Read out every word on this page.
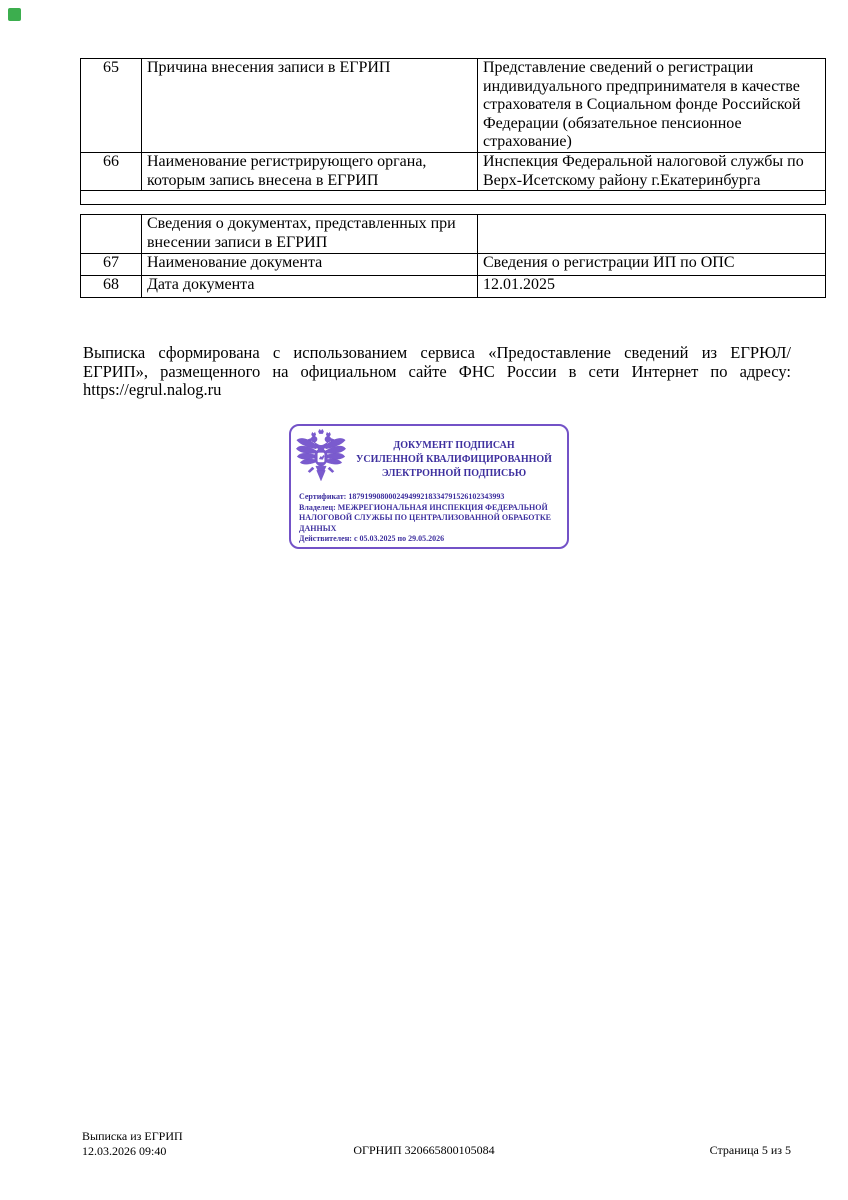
65	Причина внесения записи в ЕГРИП	Представление сведений о регистрации индивидуального предпринимателя в качестве страхователя в Социальном фонде Российской Федерации (обязательное пенсионное страхование)
66	Наименование регистрирующего органа, которым запись внесена в ЕГРИП	Инспекция Федеральной налоговой службы по Верх-Исетскому району г.Екатеринбурга

	Сведения о документах, представленных при внесении записи в ЕГРИП	
67	Наименование документа	Сведения о регистрации ИП по ОПС
68	Дата документа	12.01.2025
Выписка сформирована с использованием сервиса «Предоставление сведений из ЕГРЮЛ/ЕГРИП», размещенного на официальном сайте ФНС России в сети Интернет по адресу: https://egrul.nalog.ru
ДОКУМЕНТ ПОДПИСАН
УСИЛЕННОЙ КВАЛИФИЦИРОВАННОЙ
ЭЛЕКТРОННОЙ ПОДПИСЬЮ
Сертификат: 187919908000249499218334791526102343993
Владелец: МЕЖРЕГИОНАЛЬНАЯ ИНСПЕКЦИЯ ФЕДЕРАЛЬНОЙ НАЛОГОВОЙ СЛУЖБЫ ПО ЦЕНТРАЛИЗОВАННОЙ ОБРАБОТКЕ ДАННЫХ
Действителен: с 05.03.2025 по 29.05.2026
Выписка из ЕГРИП
12.03.2026 09:40	ОГРНИП 320665800105084	Страница 5 из 5
